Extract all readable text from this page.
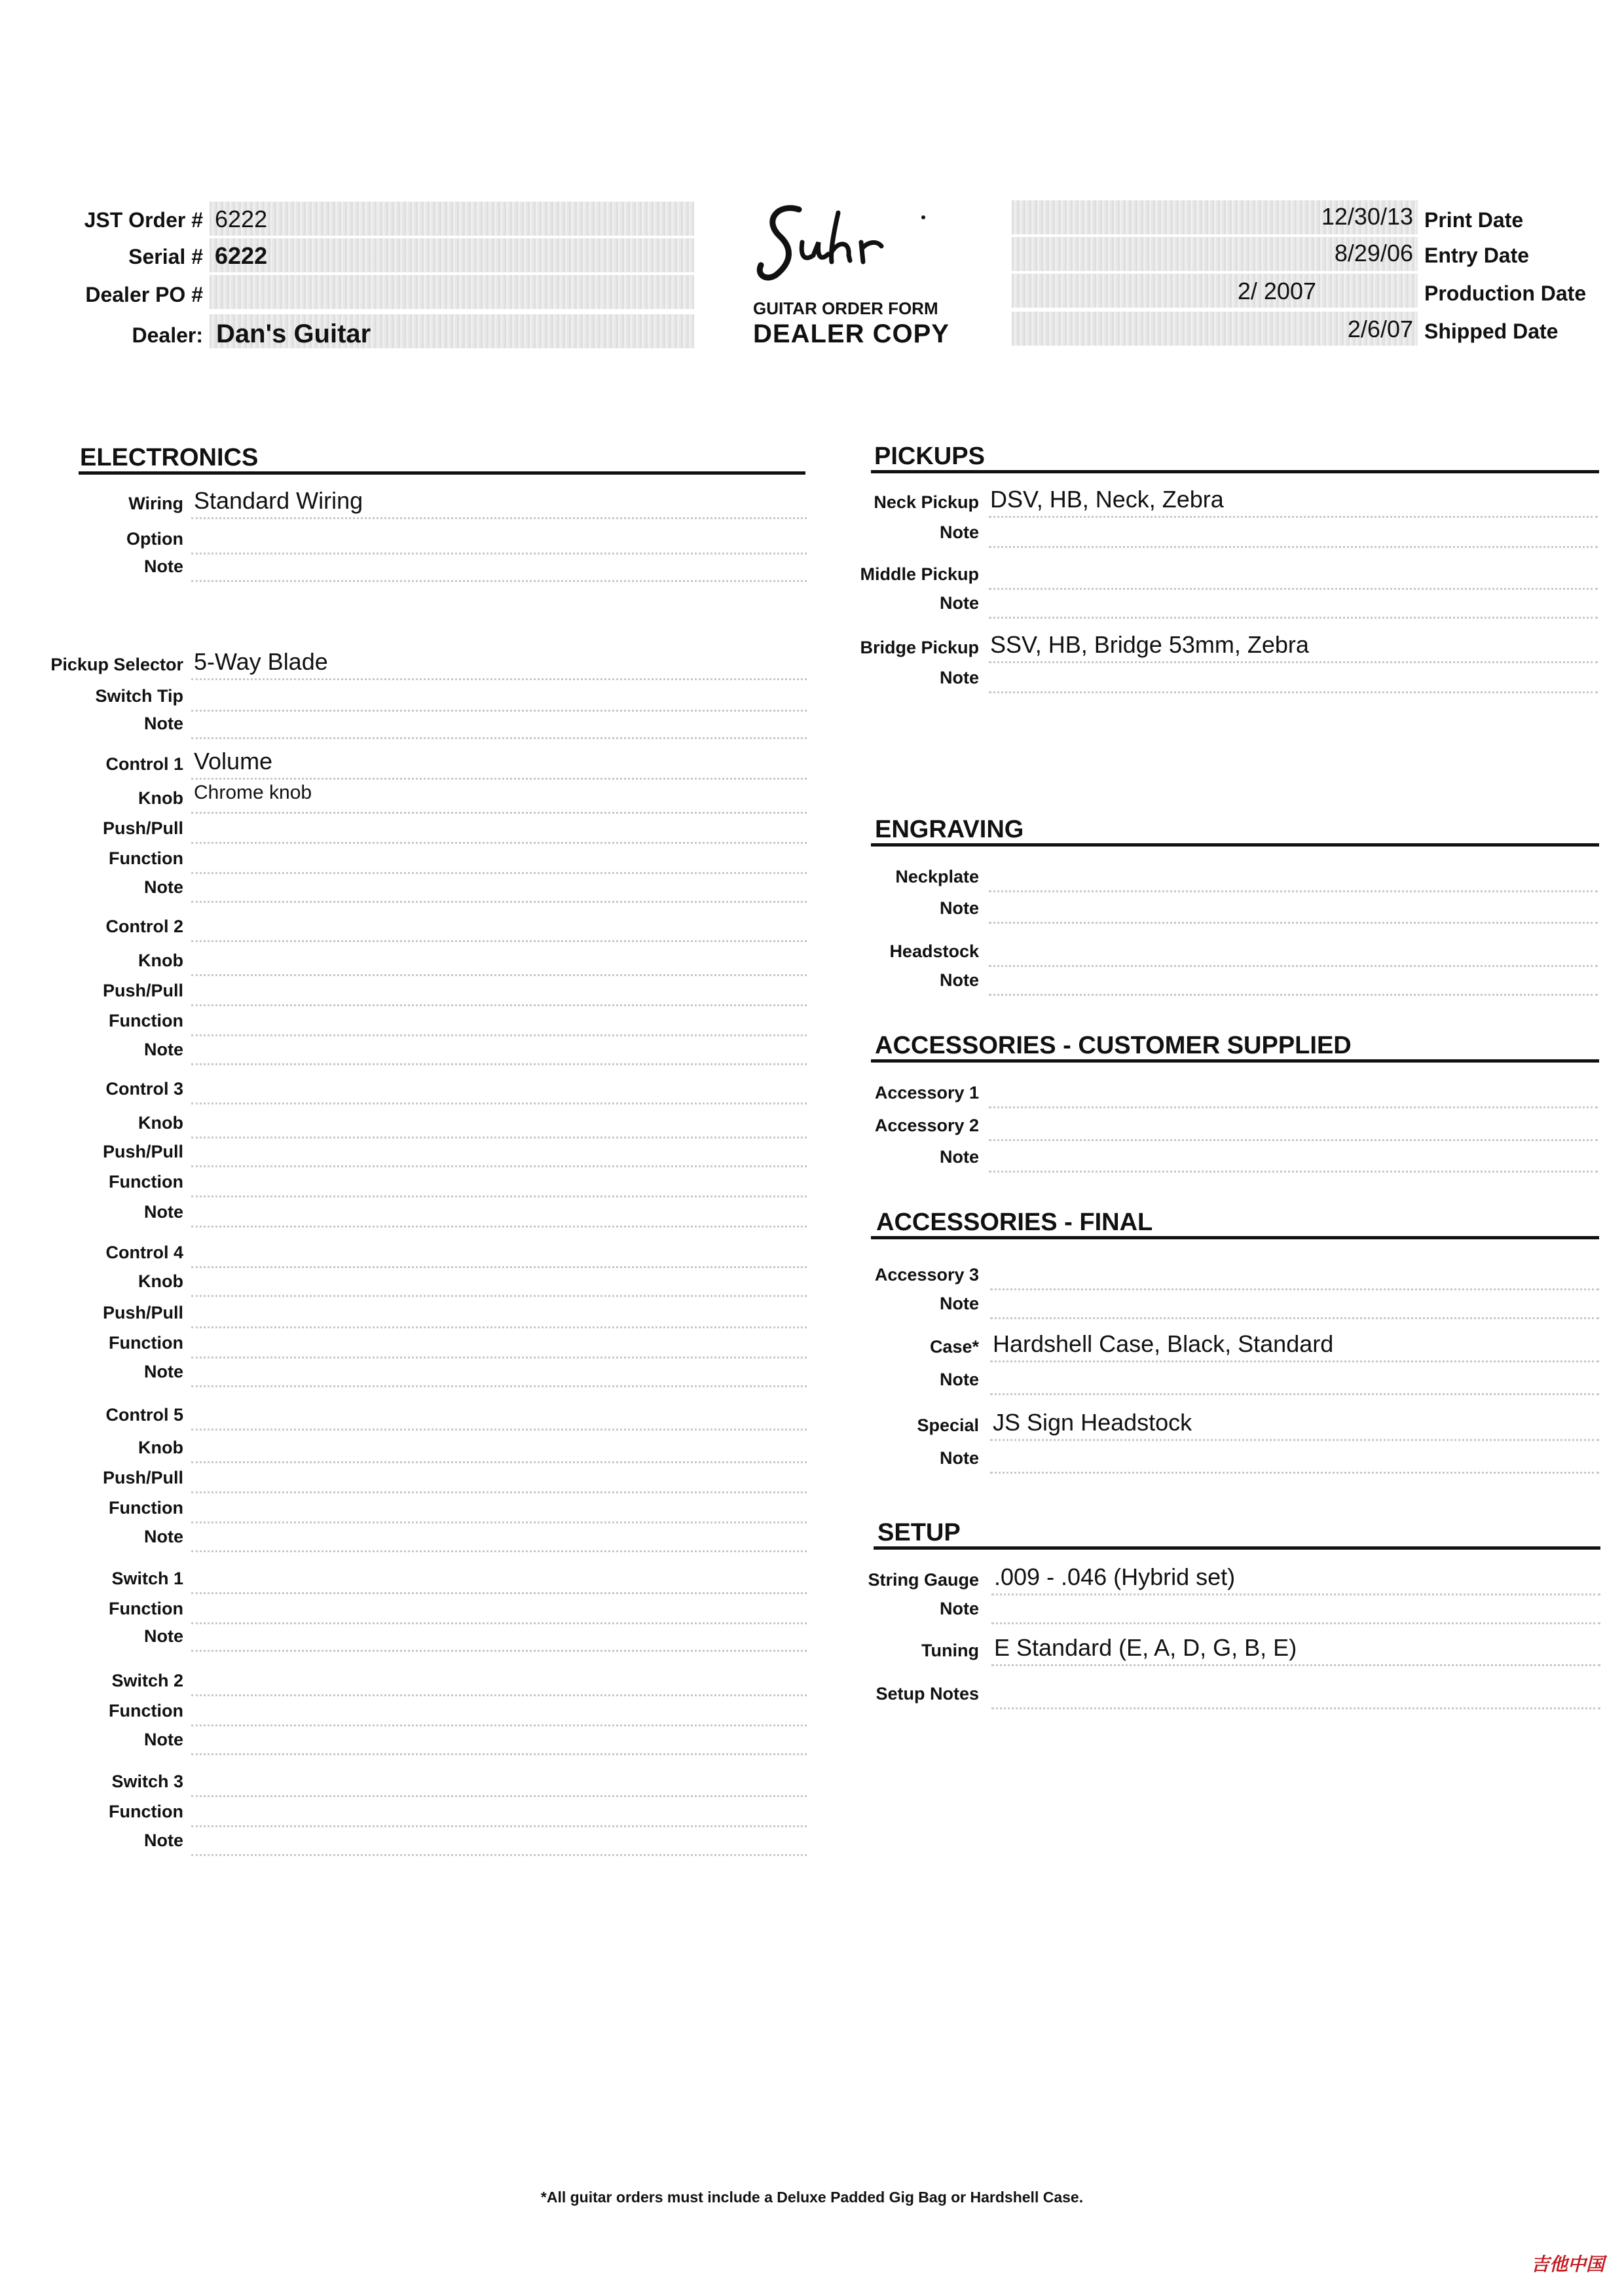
JST Order # 6222
Serial # 6222
Dealer PO #
Dealer: Dan's Guitar
GUITAR ORDER FORM
DEALER COPY
12/30/13 Print Date
8/29/06 Entry Date
2/ 2007	Production Date
2/6/07 Shipped Date
ELECTRONICS
Wiring Standard Wiring
Option
Note
Pickup Selector 5-Way Blade
Switch Tip
Note
Control 1 Volume
Knob Chrome knob
Push/Pull
Function
Note
Control 2
Knob
Push/Pull
Function
Note
Control 3
Knob
Push/Pull
Function
Note
Control 4
Knob
Push/Pull
Function
Note
Control 5
Knob
Push/Pull
Function
Note
Switch 1
Function
Note
Switch 2
Function
Note
Switch 3
Function
Note
PICKUPS
Neck Pickup DSV, HB, Neck, Zebra
Note
Middle Pickup
Note
Bridge Pickup SSV, HB, Bridge 53mm, Zebra
Note
ENGRAVING
Neckplate
Note
Headstock
Note
ACCESSORIES - CUSTOMER SUPPLIED
Accessory 1
Accessory 2
Note
ACCESSORIES - FINAL
Accessory 3
Note
Case* Hardshell Case, Black, Standard
Note
Special JS Sign Headstock
Note
SETUP
String Gauge .009 - .046 (Hybrid set)
Note
Tuning E Standard (E, A, D, G, B, E)
Setup Notes
*All guitar orders must include a Deluxe Padded Gig Bag or Hardshell Case.
吉他中国
